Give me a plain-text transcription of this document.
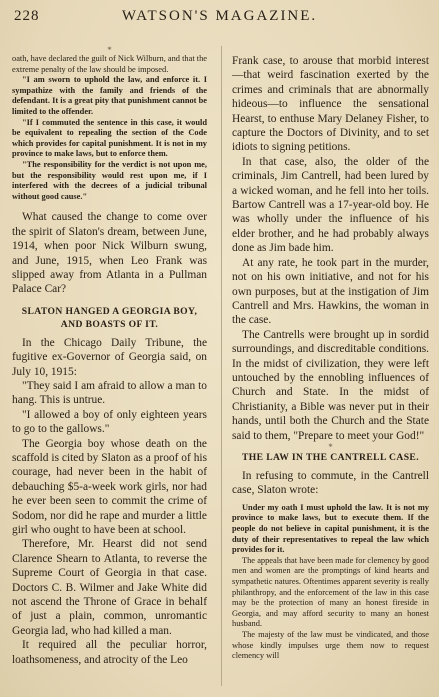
228	WATSON'S MAGAZINE.
*

oath, have declared the guilt of Nick Wilburn, and that the extreme penalty of the law should be imposed.

"I am sworn to uphold the law, and enforce it. I sympathize with the family and friends of the defendant. It is a great pity that punishment cannot be limited to the offender.

"If I commuted the sentence in this case, it would be equivalent to repealing the section of the Code which provides for capital punishment. It is not in my province to make laws, but to enforce them.

"The responsibility for the verdict is not upon me, but the responsibility would rest upon me, if I interfered with the decrees of a judicial tribunal without good cause."

What caused the change to come over the spirit of Slaton's dream, between June, 1914, when poor Nick Wilburn swung, and June, 1915, when Leo Frank was slipped away from Atlanta in a Pullman Palace Car?

SLATON HANGED A GEORGIA BOY, AND BOASTS OF IT.

In the Chicago Daily Tribune, the fugitive ex-Governor of Georgia said, on July 10, 1915:

"They said I am afraid to allow a man to hang. This is untrue.

"I allowed a boy of only eighteen years to go to the gallows."

The Georgia boy whose death on the scaffold is cited by Slaton as a proof of his courage, had never been in the habit of debauching $5-a-week work girls, nor had he ever been seen to commit the crime of Sodom, nor did he rape and murder a little girl who ought to have been at school.

Therefore, Mr. Hearst did not send Clarence Shearn to Atlanta, to reverse the Supreme Court of Georgia in that case. Doctors C. B. Wilmer and Jake White did not ascend the Throne of Grace in behalf of just a plain, common, unromantic Georgia lad, who had killed a man.

It required all the peculiar horror, loathsomeness, and atrocity of the Leo

Frank case, to arouse that morbid interest—that weird fascination exerted by the crimes and criminals that are abnormally hideous—to influence the sensational Hearst, to enthuse Mary Delaney Fisher, to capture the Doctors of Divinity, and to set idiots to signing petitions.

In that case, also, the older of the criminals, Jim Cantrell, had been lured by a wicked woman, and he fell into her toils. Bartow Cantrell was a 17-year-old boy. He was wholly under the influence of his elder brother, and he had probably always done as Jim bade him.

At any rate, he took part in the murder, not on his own initiative, and not for his own purposes, but at the instigation of Jim Cantrell and Mrs. Hawkins, the woman in the case.

The Cantrells were brought up in sordid surroundings, and discreditable conditions. In the midst of civilization, they were left untouched by the ennobling influences of Church and State. In the midst of Christianity, a Bible was never put in their hands, until both the Church and the State said to them, "Prepare to meet your God!"

*

THE LAW IN THE CANTRELL CASE.

In refusing to commute, in the Cantrell case, Slaton wrote:

Under my oath I must uphold the law. It is not my province to make laws, but to execute them. If the people do not believe in capital punishment, it is the duty of their representatives to repeal the law which provides for it.

The appeals that have been made for clemency by good men and women are the promptings of kind hearts and sympathetic natures. Oftentimes apparent severity is really philanthropy, and the enforcement of the law in this case may be the protection of many an honest fireside in Georgia, and may afford security to many an honest husband.

The majesty of the law must be vindicated, and those whose kindly impulses urge them now to request clemency will
